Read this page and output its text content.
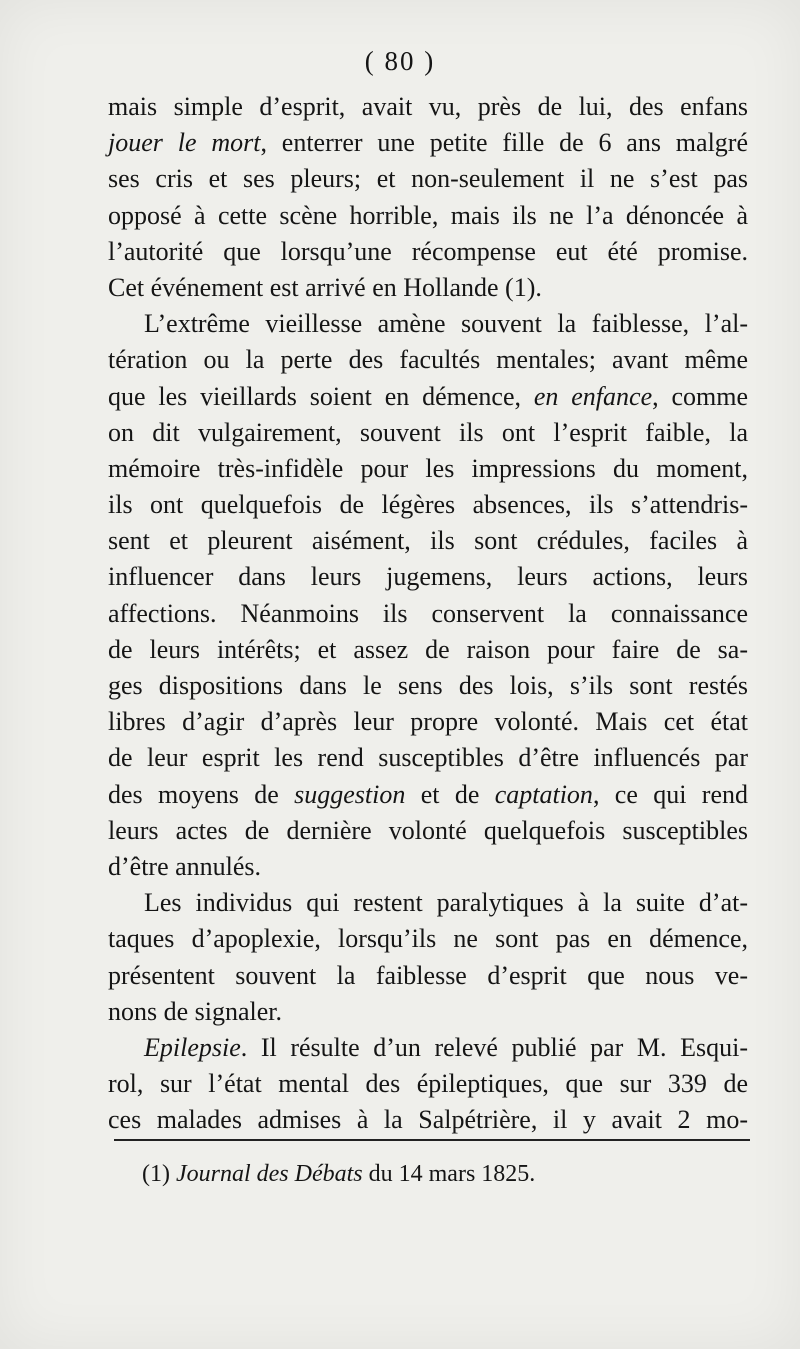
( 80 )
mais simple d’esprit, avait vu, près de lui, des enfans
jouer le mort, enterrer une petite fille de 6 ans malgré
ses cris et ses pleurs; et non-seulement il ne s’est pas
opposé à cette scène horrible, mais ils ne l’a dénoncée à
l’autorité que lorsqu’une récompense eut été promise.
Cet événement est arrivé en Hollande (1).
L’extrême vieillesse amène souvent la faiblesse, l’al-
tération ou la perte des facultés mentales; avant même
que les vieillards soient en démence, en enfance, comme
on dit vulgairement, souvent ils ont l’esprit faible, la
mémoire très-infidèle pour les impressions du moment,
ils ont quelquefois de légères absences, ils s’attendris-
sent et pleurent aisément, ils sont crédules, faciles à
influencer dans leurs jugemens, leurs actions, leurs
affections. Néanmoins ils conservent la connaissance
de leurs intérêts; et assez de raison pour faire de sa-
ges dispositions dans le sens des lois, s’ils sont restés
libres d’agir d’après leur propre volonté. Mais cet état
de leur esprit les rend susceptibles d’être influencés par
des moyens de suggestion et de captation, ce qui rend
leurs actes de dernière volonté quelquefois susceptibles
d’être annulés.
Les individus qui restent paralytiques à la suite d’at-
taques d’apoplexie, lorsqu’ils ne sont pas en démence,
présentent souvent la faiblesse d’esprit que nous ve-
nons de signaler.
Epilepsie. Il résulte d’un relevé publié par M. Esqui-
rol, sur l’état mental des épileptiques, que sur 339 de
ces malades admises à la Salpétrière, il y avait 2 mo-
(1) Journal des Débats du 14 mars 1825.
